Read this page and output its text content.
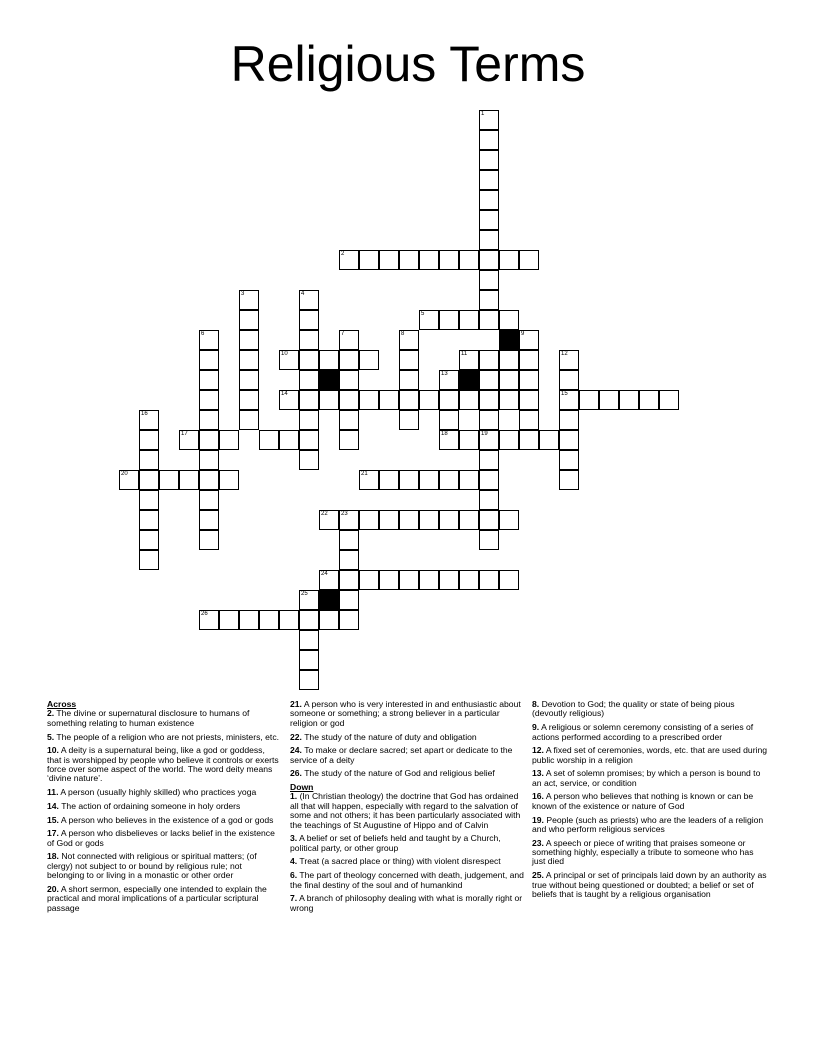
Religious Terms
1
2
3	4
5
6	7	8	9
10	11	12
13
14	15
16
17	18	19
20	21
22 23
24
25
26

Across

2. The divine or supernatural disclosure to humans of something relating to human existence

5. The people of a religion who are not priests, ministers, etc.

10. A deity is a supernatural being, like a god or goddess, that is worshipped by people who believe it controls or exerts force over some aspect of the world. The word deity means ‘divine nature’.

11. A person (usually highly skilled) who practices yoga

14. The action of ordaining someone in holy orders

15. A person who believes in the existence of a god or gods

17. A person who disbelieves or lacks belief in the existence of God or gods

18. Not connected with religious or spiritual matters; (of clergy) not subject to or bound by religious rule; not belonging to or living in a monastic or other order

20. A short sermon, especially one intended to explain the practical and moral implications of a particular scriptural passage

21. A person who is very interested in and enthusiastic about someone or something; a strong believer in a particular religion or god

22. The study of the nature of duty and obligation

24. To make or declare sacred; set apart or dedicate to the service of a deity

26. The study of the nature of God and religious belief

Down

1. (In Christian theology) the doctrine that God has ordained all that will happen, especially with regard to the salvation of some and not others; it has been particularly associated with the teachings of St Augustine of Hippo and of Calvin

3. A belief or set of beliefs held and taught by a Church, political party, or other group

4. Treat (a sacred place or thing) with violent disrespect

6. The part of theology concerned with death, judgement, and the final destiny of the soul and of humankind

7. A branch of philosophy dealing with what is morally right or wrong

8. Devotion to God; the quality or state of being pious (devoutly religious)

9. A religious or solemn ceremony consisting of a series of actions performed according to a prescribed order

12. A fixed set of ceremonies, words, etc. that are used during public worship in a religion

13. A set of solemn promises; by which a person is bound to an act, service, or condition

16. A person who believes that nothing is known or can be known of the existence or nature of God

19. People (such as priests) who are the leaders of a religion and who perform religious services

23. A speech or piece of writing that praises someone or something highly, especially a tribute to someone who has just died

25. A principal or set of principals laid down by an authority as true without being questioned or doubted; a belief or set of beliefs that is taught by a religious organisation
